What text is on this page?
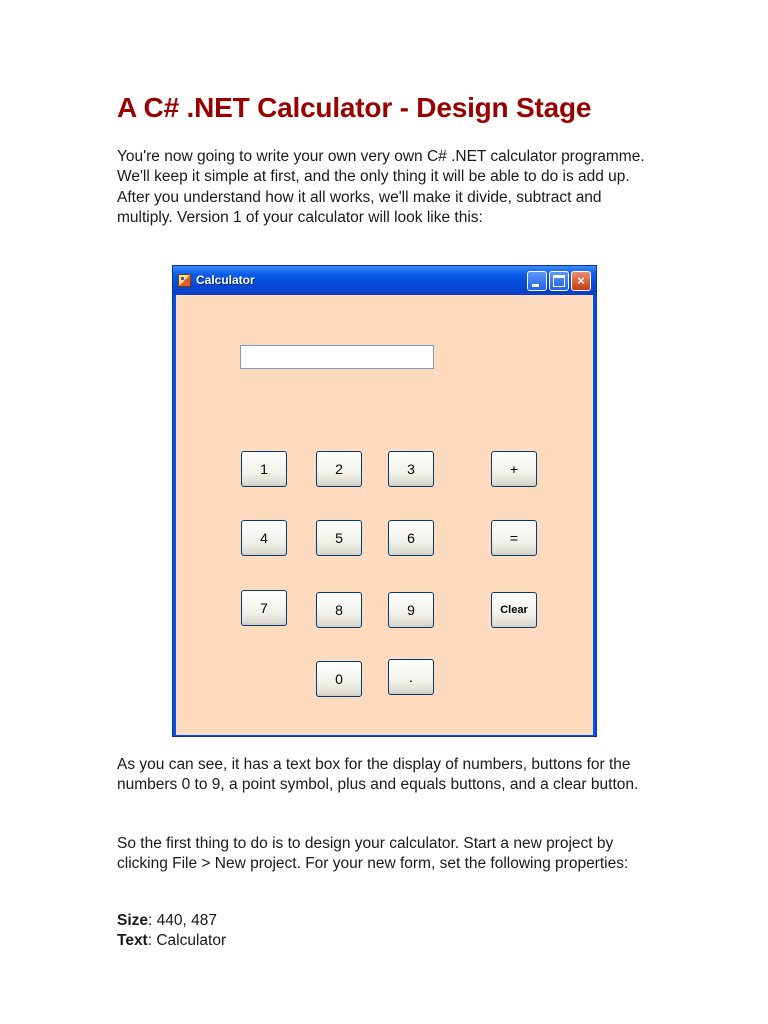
A C# .NET Calculator - Design Stage

You're now going to write your own very own C# .NET calculator programme. We'll keep it simple at first, and the only thing it will be able to do is add up. After you understand how it all works, we'll make it divide, subtract and multiply. Version 1 of your calculator will look like this:

Calculator	×
1	2	3	+
4	5	6	=
7	8	9	Clear
0	.

As you can see, it has a text box for the display of numbers, buttons for the numbers 0 to 9, a point symbol, plus and equals buttons, and a clear button.

So the first thing to do is to design your calculator. Start a new project by clicking File > New project. For your new form, set the following properties:

Size: 440, 487
Text: Calculator
